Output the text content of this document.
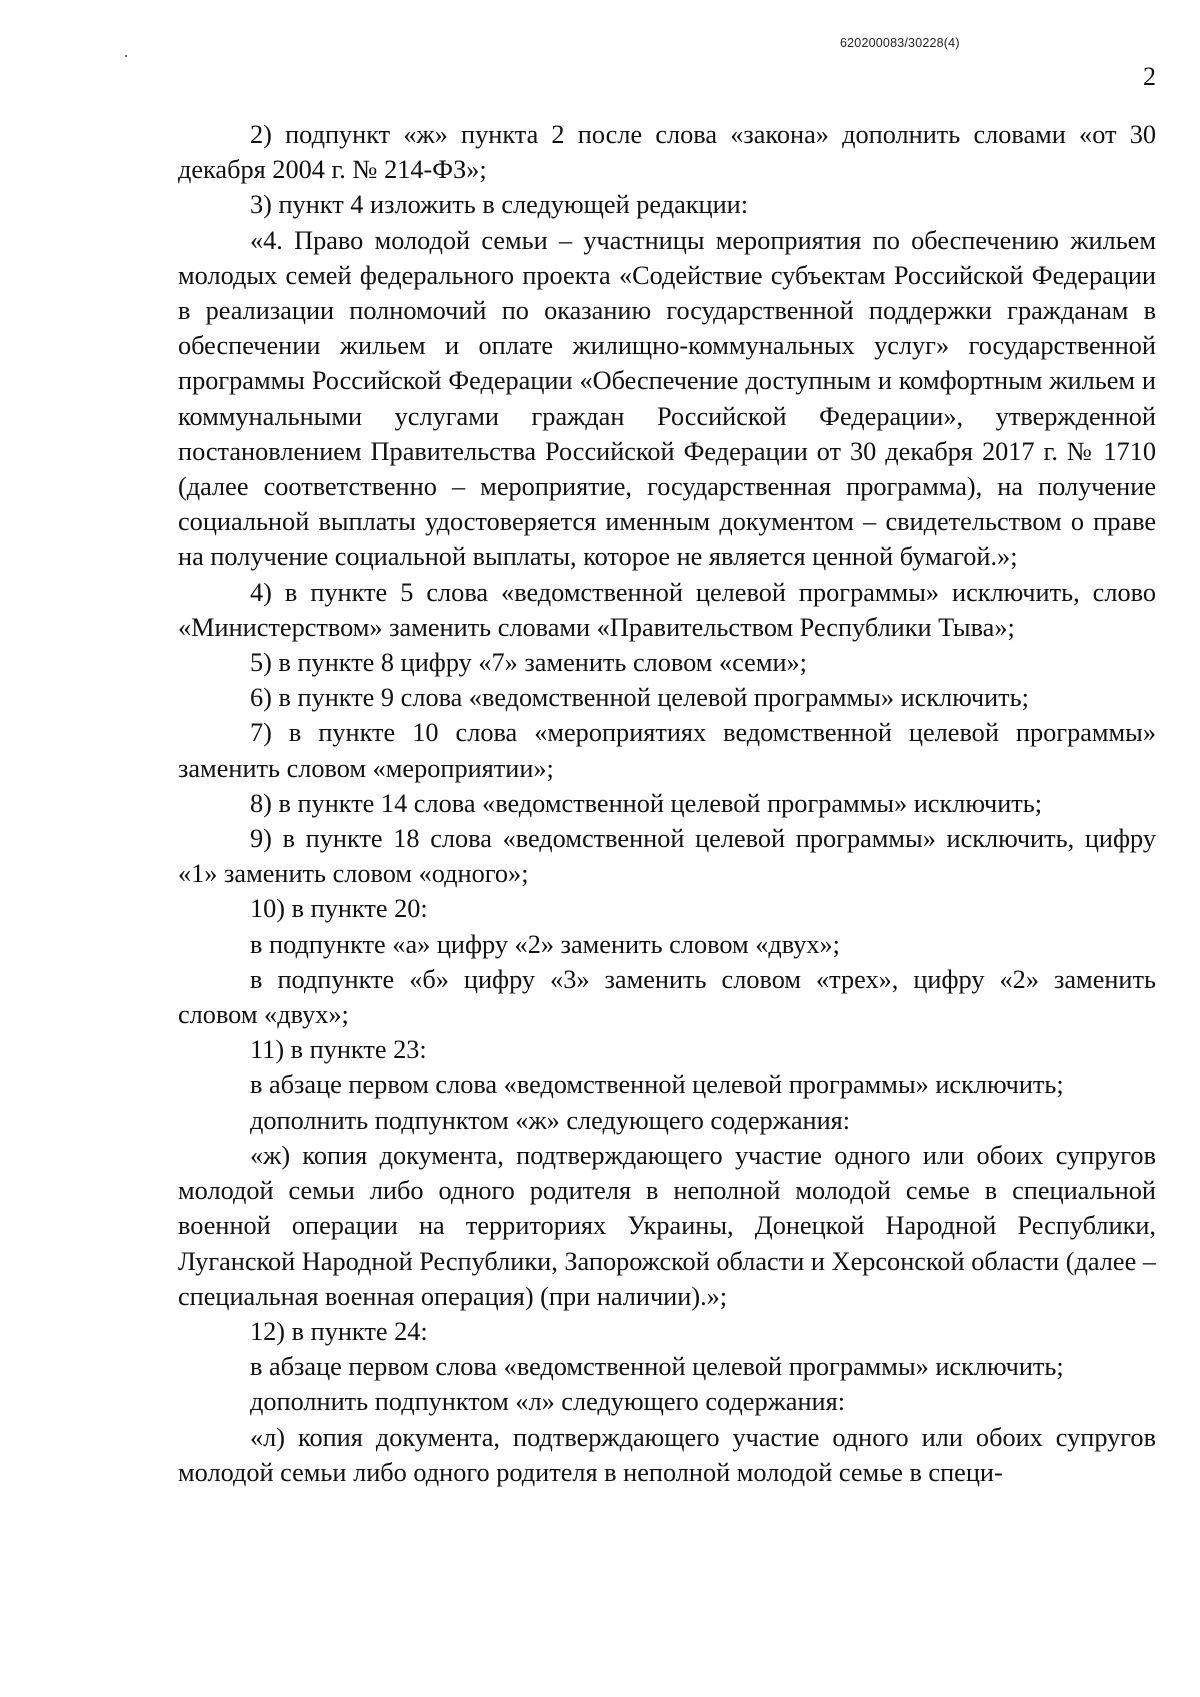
620200083/30228(4)
2

2) подпункт «ж» пункта 2 после слова «закона» дополнить словами «от 30 декабря 2004 г. № 214-ФЗ»;

3) пункт 4 изложить в следующей редакции:

«4. Право молодой семьи – участницы мероприятия по обеспечению жильем молодых семей федерального проекта «Содействие субъектам Российской Федерации в реализации полномочий по оказанию государственной поддержки гражданам в обеспечении жильем и оплате жилищно-коммунальных услуг» государственной программы Российской Федерации «Обеспечение доступным и комфортным жильем и коммунальными услугами граждан Российской Федерации», утвержденной постановлением Правительства Российской Федерации от 30 декабря 2017 г. № 1710 (далее соответственно – мероприятие, государственная программа), на получение социальной выплаты удостоверяется именным документом – свидетельством о праве на получение социальной выплаты, которое не является ценной бумагой.»;

4) в пункте 5 слова «ведомственной целевой программы» исключить, слово «Министерством» заменить словами «Правительством Республики Тыва»;

5) в пункте 8 цифру «7» заменить словом «семи»;

6) в пункте 9 слова «ведомственной целевой программы» исключить;

7) в пункте 10 слова «мероприятиях ведомственной целевой программы» заменить словом «мероприятии»;

8) в пункте 14 слова «ведомственной целевой программы» исключить;

9) в пункте 18 слова «ведомственной целевой программы» исключить, цифру «1» заменить словом «одного»;

10) в пункте 20:

в подпункте «а» цифру «2» заменить словом «двух»;

в подпункте «б» цифру «3» заменить словом «трех», цифру «2» заменить словом «двух»;

11) в пункте 23:

в абзаце первом слова «ведомственной целевой программы» исключить;

дополнить подпунктом «ж» следующего содержания:

«ж) копия документа, подтверждающего участие одного или обоих супругов молодой семьи либо одного родителя в неполной молодой семье в специальной военной операции на территориях Украины, Донецкой Народной Республики, Луганской Народной Республики, Запорожской области и Херсонской области (далее – специальная военная операция) (при наличии).»;

12) в пункте 24:

в абзаце первом слова «ведомственной целевой программы» исключить;

дополнить подпунктом «л» следующего содержания:

«л) копия документа, подтверждающего участие одного или обоих супругов молодой семьи либо одного родителя в неполной молодой семье в специ-
